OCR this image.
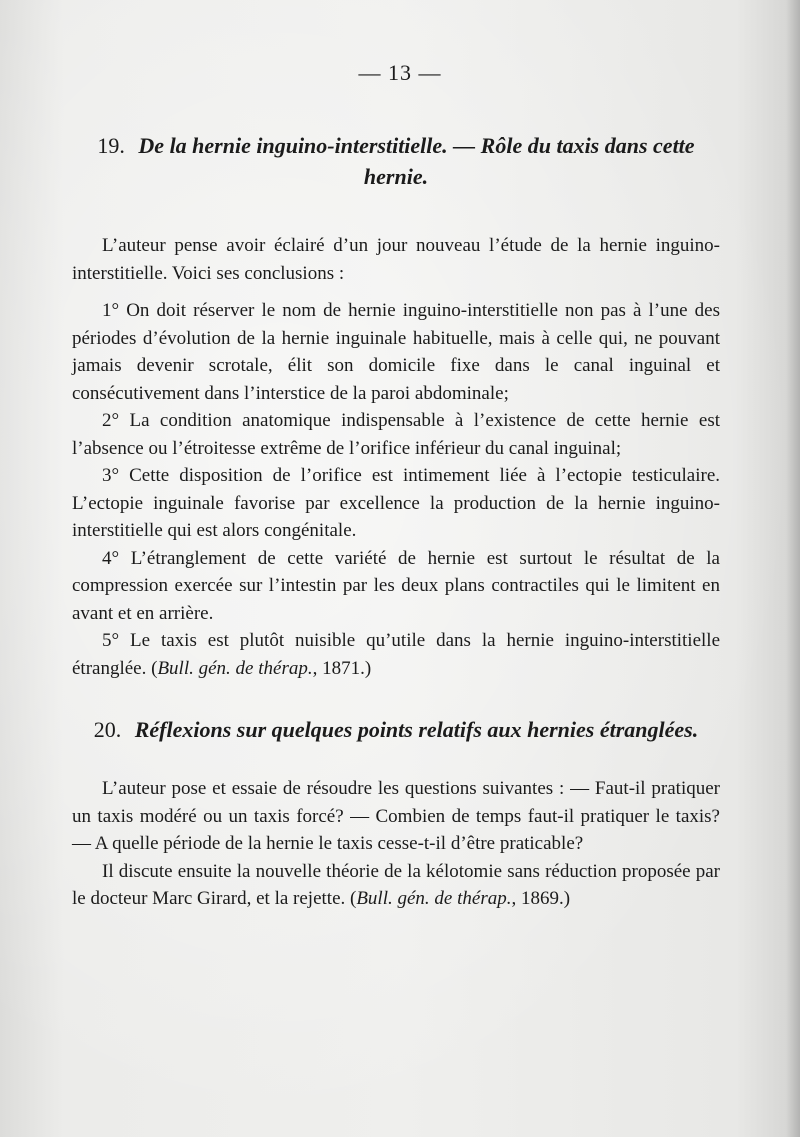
— 13 —
19. De la hernie inguino-interstitielle. — Rôle du taxis dans cette hernie.

L’auteur pense avoir éclairé d’un jour nouveau l’étude de la hernie inguino-interstitielle. Voici ses conclusions :

1° On doit réserver le nom de hernie inguino-interstitielle non pas à l’une des périodes d’évolution de la hernie inguinale habituelle, mais à celle qui, ne pouvant jamais devenir scrotale, élit son domicile fixe dans le canal inguinal et consécutivement dans l’interstice de la paroi abdominale;

2° La condition anatomique indispensable à l’existence de cette hernie est l’absence ou l’étroitesse extrême de l’orifice inférieur du canal inguinal;

3° Cette disposition de l’orifice est intimement liée à l’ectopie testiculaire. L’ectopie inguinale favorise par excellence la production de la hernie inguino-interstitielle qui est alors congénitale.

4° L’étranglement de cette variété de hernie est surtout le résultat de la compression exercée sur l’intestin par les deux plans contractiles qui le limitent en avant et en arrière.

5° Le taxis est plutôt nuisible qu’utile dans la hernie inguino-interstitielle étranglée. (Bull. gén. de thérap., 1871.)

20. Réflexions sur quelques points relatifs aux hernies étranglées.

L’auteur pose et essaie de résoudre les questions suivantes : — Faut-il pratiquer un taxis modéré ou un taxis forcé? — Combien de temps faut-il pratiquer le taxis? — A quelle période de la hernie le taxis cesse-t-il d’être praticable?

Il discute ensuite la nouvelle théorie de la kélotomie sans réduction proposée par le docteur Marc Girard, et la rejette. (Bull. gén. de thérap., 1869.)
